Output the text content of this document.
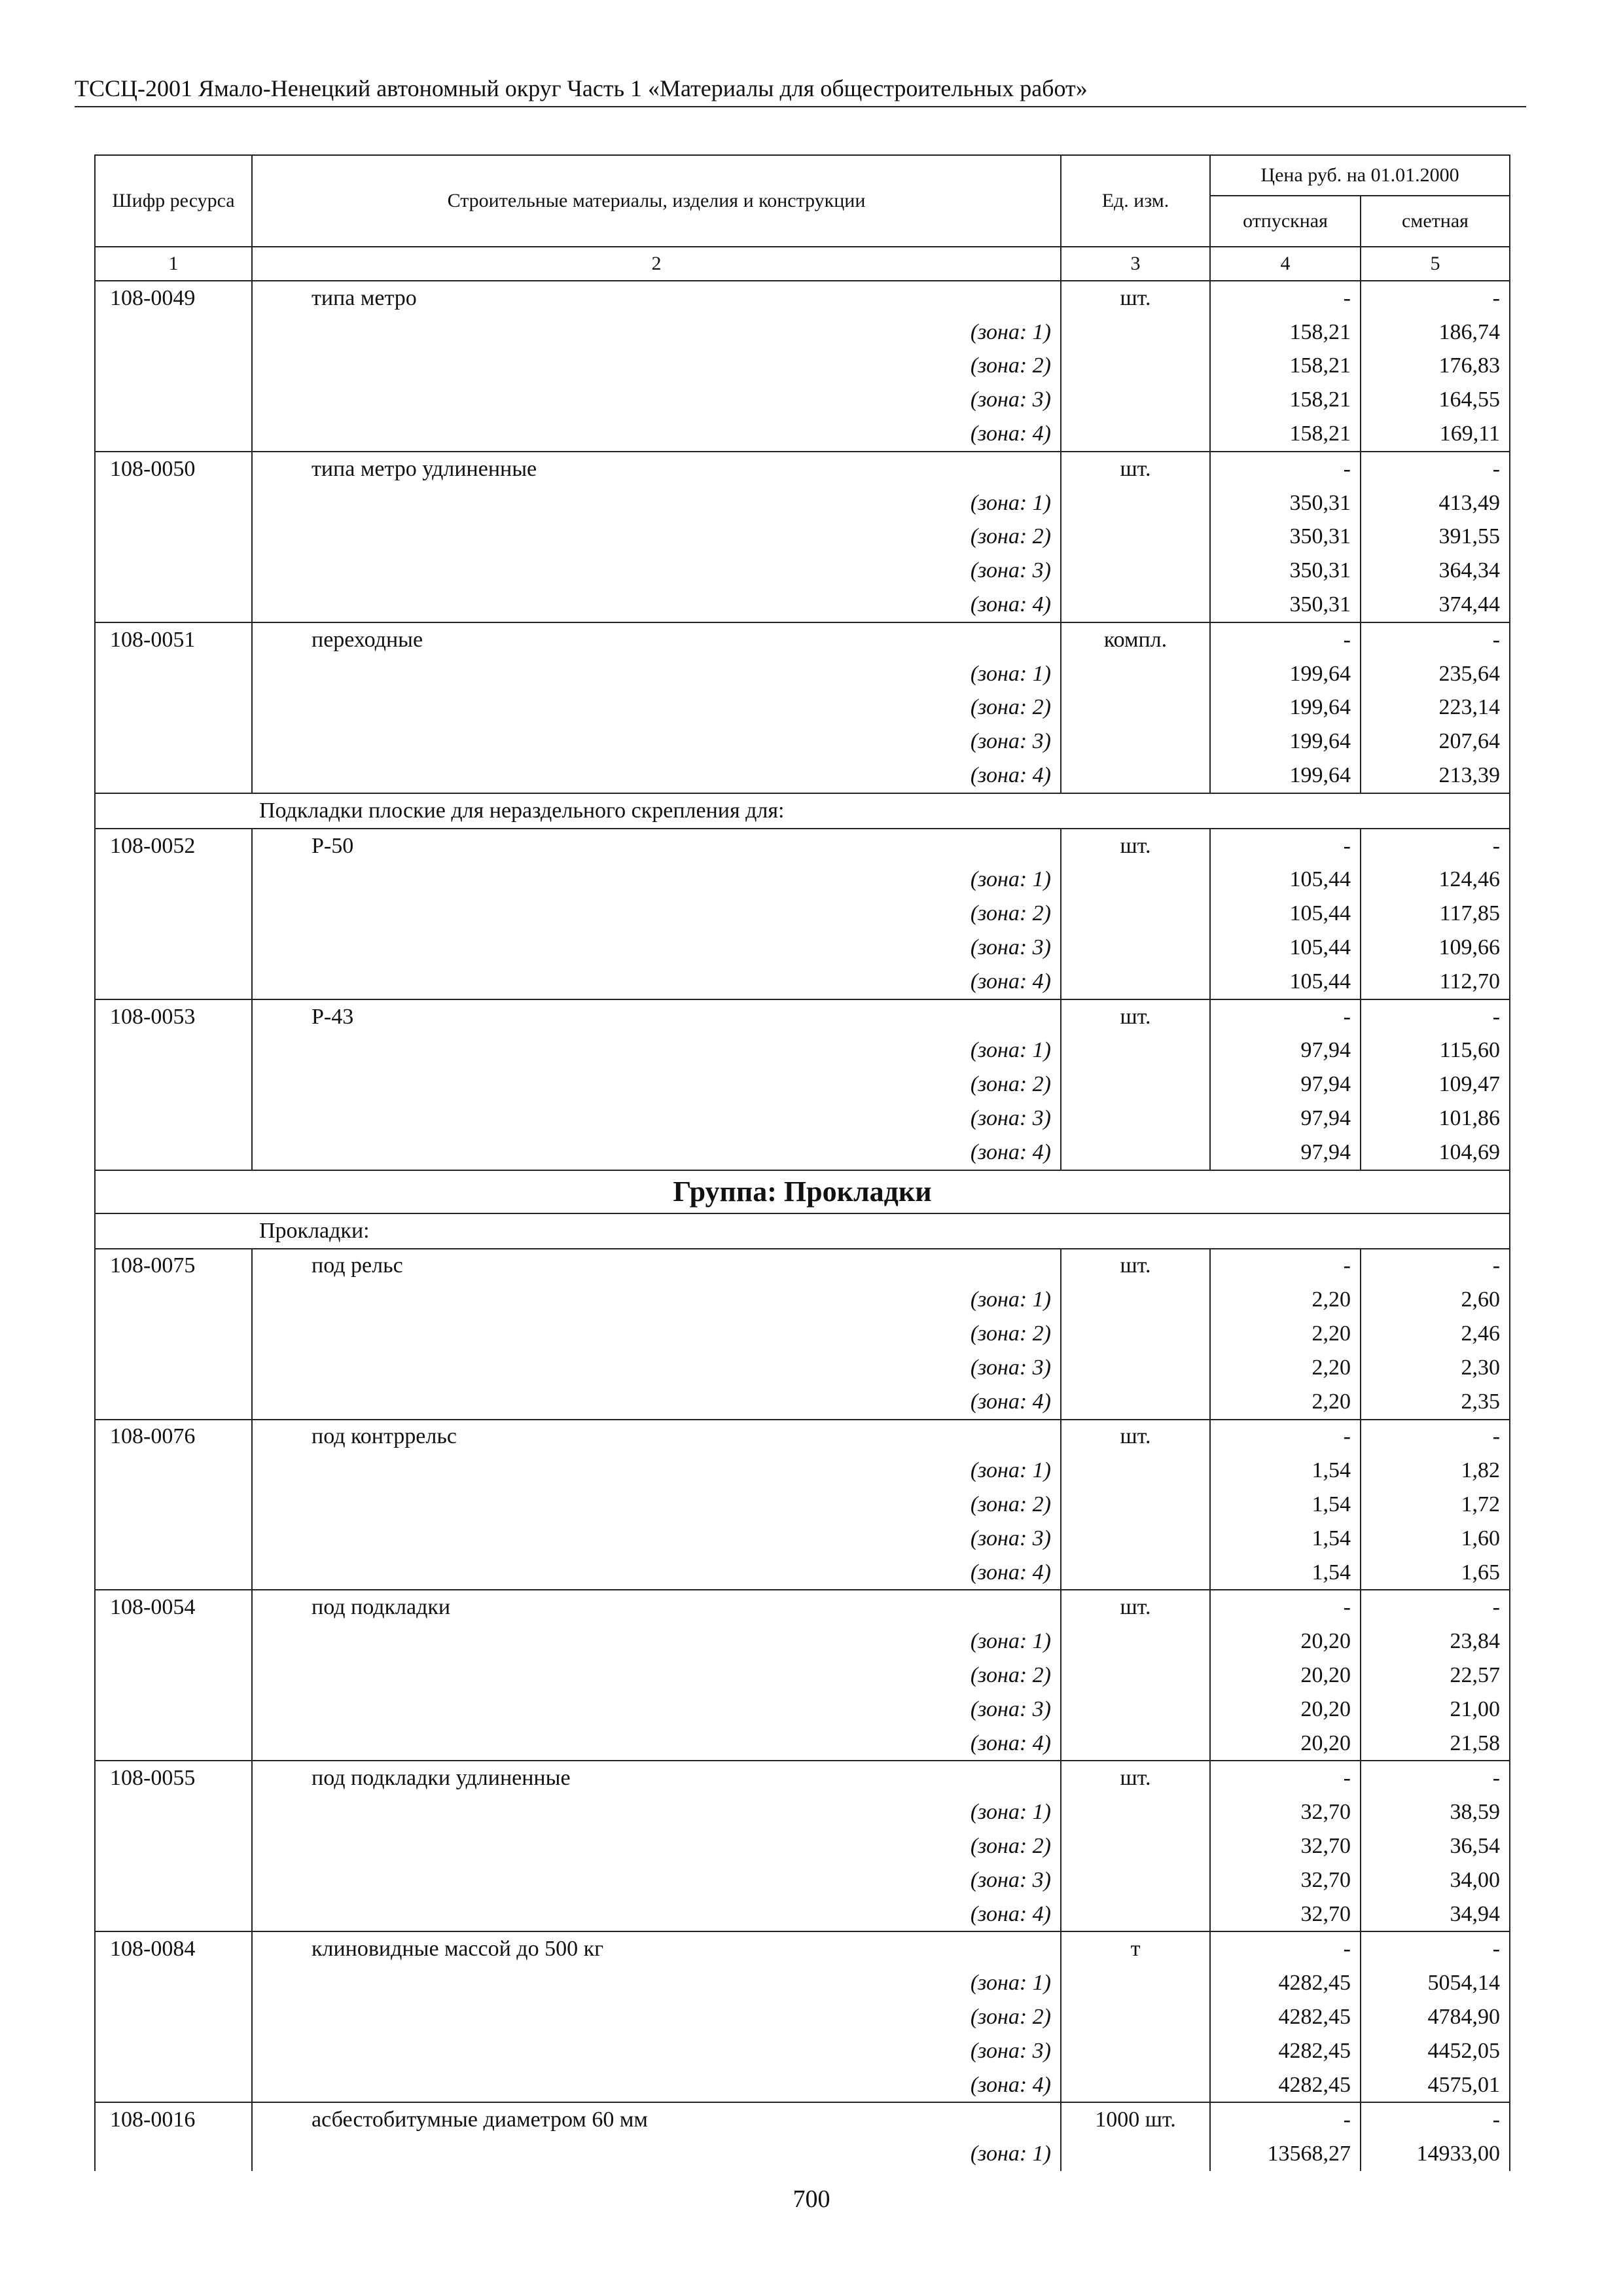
ТССЦ-2001 Ямало-Ненецкий автономный округ Часть 1 «Материалы для общестроительных работ»
Шифр ресурса	Строительные материалы, изделия и конструкции	Ед. изм.	Цена руб. на 01.01.2000	
			отпускная	сметная
1	2	3	4	5
108-0049	типа метро	шт.	-	-
	(зона: 1)		158,21	186,74
	(зона: 2)		158,21	176,83
	(зона: 3)		158,21	164,55
	(зона: 4)		158,21	169,11
108-0050	типа метро удлиненные	шт.	-	-
	(зона: 1)		350,31	413,49
	(зона: 2)		350,31	391,55
	(зона: 3)		350,31	364,34
	(зона: 4)		350,31	374,44
108-0051	переходные	компл.	-	-
	(зона: 1)		199,64	235,64
	(зона: 2)		199,64	223,14
	(зона: 3)		199,64	207,64
	(зона: 4)		199,64	213,39
Подкладки плоские для нераздельного скрепления для:				
108-0052	Р-50	шт.	-	-
	(зона: 1)		105,44	124,46
	(зона: 2)		105,44	117,85
	(зона: 3)		105,44	109,66
	(зона: 4)		105,44	112,70
108-0053	Р-43	шт.	-	-
	(зона: 1)		97,94	115,60
	(зона: 2)		97,94	109,47
	(зона: 3)		97,94	101,86
	(зона: 4)		97,94	104,69
Группа: Прокладки				
Прокладки:				
108-0075	под рельс	шт.	-	-
	(зона: 1)		2,20	2,60
	(зона: 2)		2,20	2,46
	(зона: 3)		2,20	2,30
	(зона: 4)		2,20	2,35
108-0076	под контррельс	шт.	-	-
	(зона: 1)		1,54	1,82
	(зона: 2)		1,54	1,72
	(зона: 3)		1,54	1,60
	(зона: 4)		1,54	1,65
108-0054	под подкладки	шт.	-	-
	(зона: 1)		20,20	23,84
	(зона: 2)		20,20	22,57
	(зона: 3)		20,20	21,00
	(зона: 4)		20,20	21,58
108-0055	под подкладки удлиненные	шт.	-	-
	(зона: 1)		32,70	38,59
	(зона: 2)		32,70	36,54
	(зона: 3)		32,70	34,00
	(зона: 4)		32,70	34,94
108-0084	клиновидные массой до 500 кг	т	-	-
	(зона: 1)		4282,45	5054,14
	(зона: 2)		4282,45	4784,90
	(зона: 3)		4282,45	4452,05
	(зона: 4)		4282,45	4575,01
108-0016	асбестобитумные диаметром 60 мм	1000 шт.	-	-
	(зона: 1)		13568,27	14933,00
700
